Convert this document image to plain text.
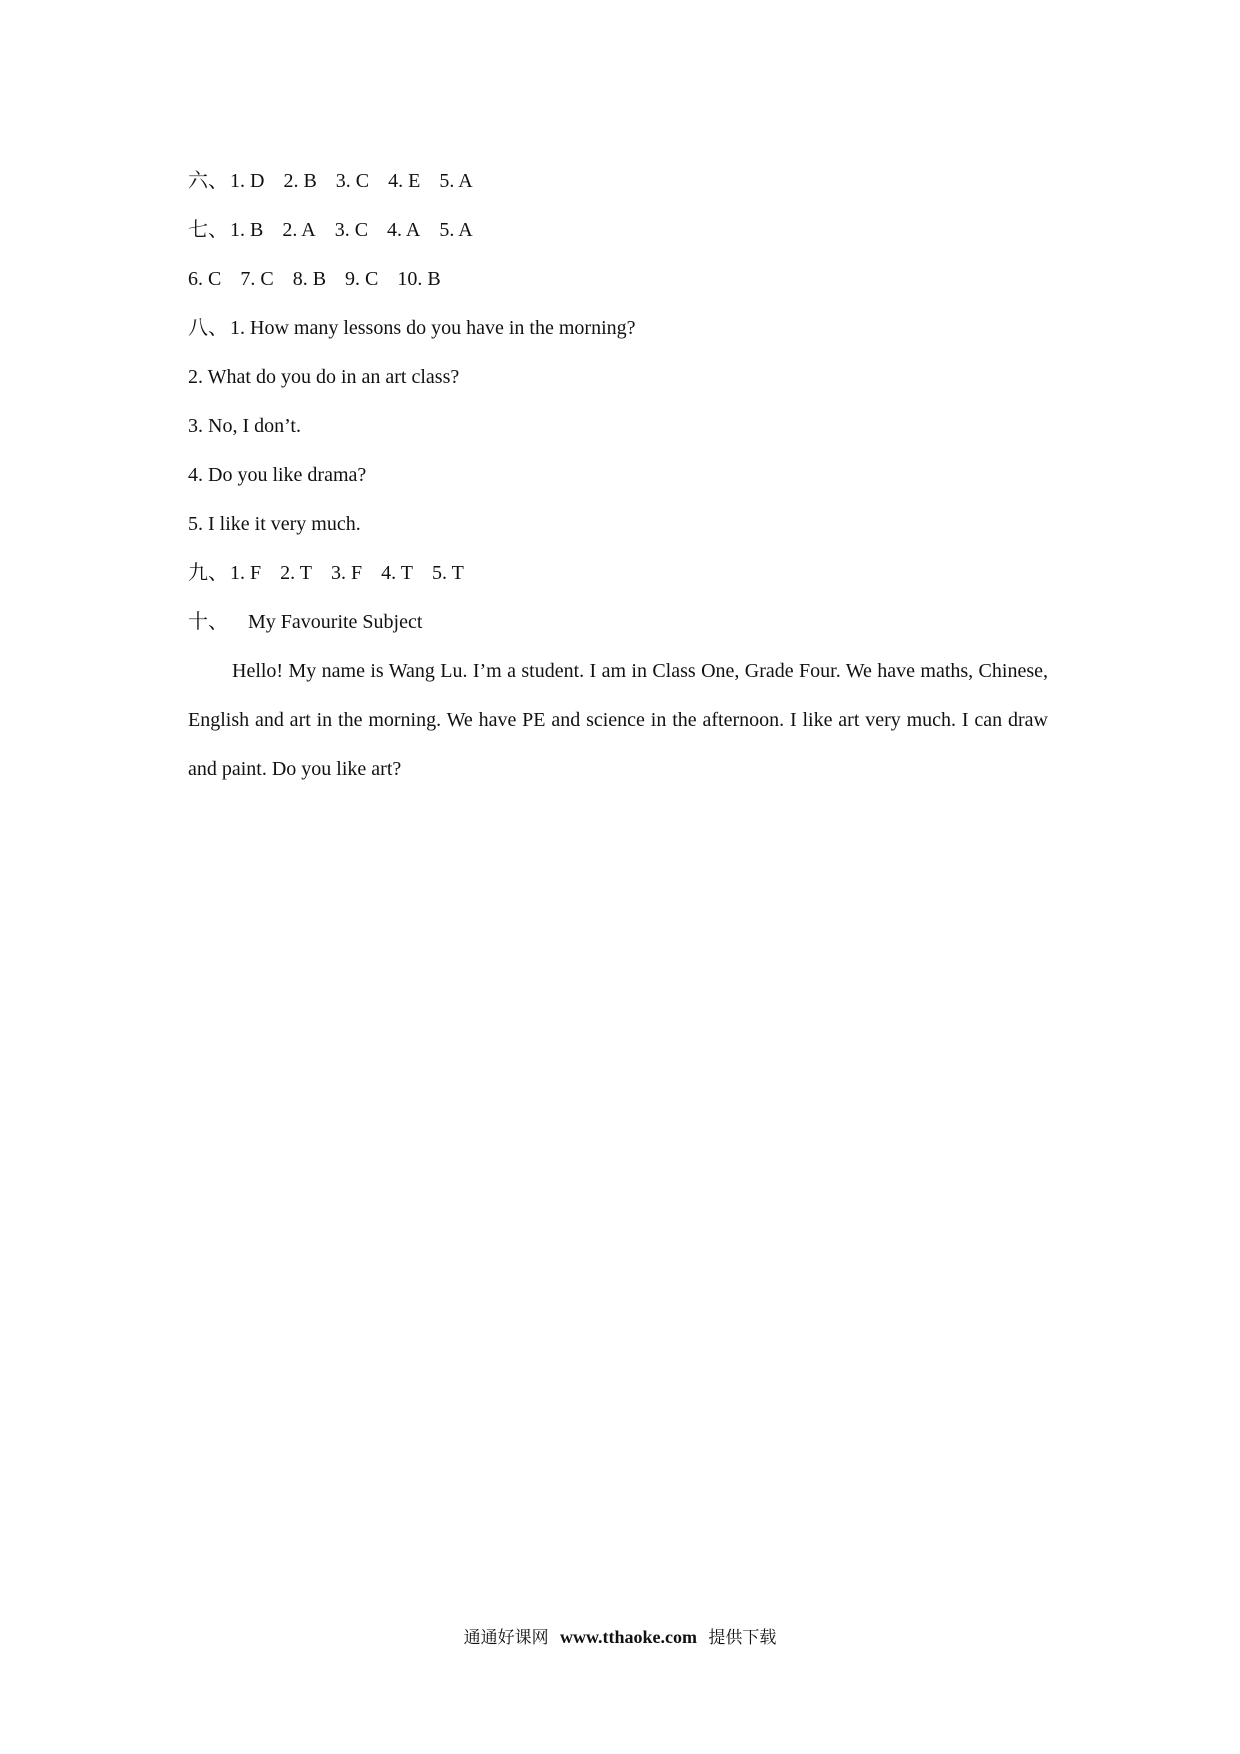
六、 1. D 2. B 3. C 4. E 5. A
七、 1. B 2. A 3. C 4. A 5. A
6. C 7. C 8. B 9. C 10. B
八、 1. How many lessons do you have in the morning?
2. What do you do in an art class?
3. No, I don’t.
4. Do you like drama?
5. I like it very much.
九、 1. F 2. T 3. F 4. T 5. T
十、 My Favourite Subject
Hello! My name is Wang Lu. I’m a student. I am in Class One, Grade Four. We have maths, Chinese, English and art in the morning. We have PE and science in the afternoon. I like art very much. I can draw and paint. Do you like art?
通通好课网 www.tthaoke.com 提供下载
